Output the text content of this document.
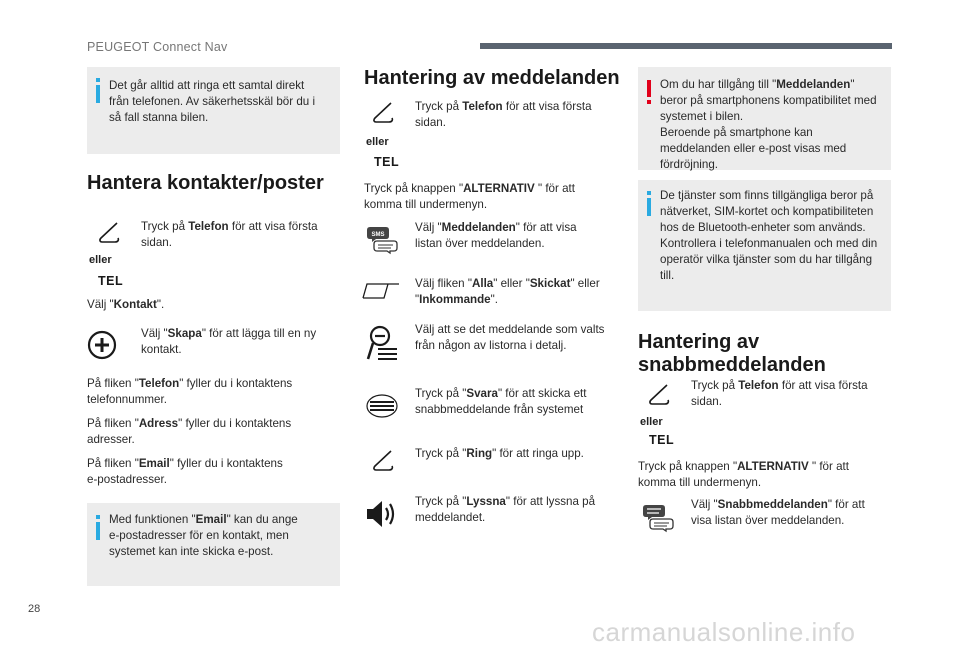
PEUGEOT Connect Nav
Det går alltid att ringa ett samtal direkt
från telefonen. Av säkerhetsskäl bör du i
så fall stanna bilen.
Hantera kontakter/poster
eller
TEL
Tryck på Telefon för att visa första
sidan.
Välj "Kontakt".
Välj "Skapa" för att lägga till en ny
kontakt.
På fliken "Telefon" fyller du i kontaktens
telefonnummer.
På fliken "Adress" fyller du i kontaktens
adresser.
På fliken "Email" fyller du i kontaktens
e-postadresser.
Med funktionen "Email" kan du ange
e-postadresser för en kontakt, men
systemet kan inte skicka e-post.
Hantering av meddelanden
eller
TEL
Tryck på Telefon för att visa första
sidan.
Tryck på knappen "ALTERNATIV " för att
komma till undermenyn.
SMS
Välj "Meddelanden" för att visa
listan över meddelanden.
Välj fliken "Alla" eller "Skickat" eller
"Inkommande".
Välj att se det meddelande som valts
från någon av listorna i detalj.
Tryck på "Svara" för att skicka ett
snabbmeddelande från systemet
Tryck på "Ring" för att ringa upp.
Tryck på "Lyssna" för att lyssna på
meddelandet.
Om du har tillgång till "Meddelanden"
beror på smartphonens kompatibilitet med
systemet i bilen.
Beroende på smartphone kan
meddelanden eller e-post visas med
fördröjning.
De tjänster som finns tillgängliga beror på
nätverket, SIM-kortet och kompatibiliteten
hos de Bluetooth-enheter som används.
Kontrollera i telefonmanualen och med din
operatör vilka tjänster som du har tillgång
till.
Hantering av
snabbmeddelanden
eller
TEL
Tryck på Telefon för att visa första
sidan.
Tryck på knappen "ALTERNATIV " för att
komma till undermenyn.
Välj "Snabbmeddelanden" för att
visa listan över meddelanden.
28
carmanualsonline.info
